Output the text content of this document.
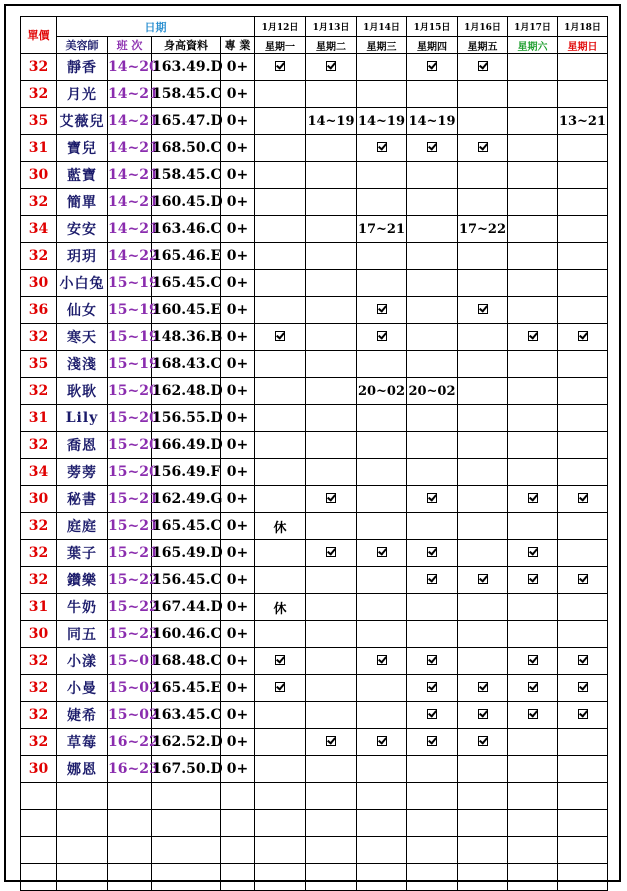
單價	日期				1月12日	1月13日	1月14日	1月15日	1月16日	1月17日	1月18日
	美容師	班 次	身高資料	專 業	星期一	星期二	星期三	星期四	星期五	星期六	星期日
32	靜香	14~20	163.49.D	0+							
32	月光	14~21	158.45.C	0+							
35	艾薇兒	14~21	165.47.D	0+		14~19	14~19	14~19			13~21
31	寶兒	14~21	168.50.C	0+							
30	藍寶	14~21	158.45.C	0+							
32	簡單	14~21	160.45.D	0+							
34	安安	14~21	163.46.C	0+			17~21		17~22		
32	玥玥	14~22	165.46.E	0+							
30	小白兔	15~19	165.45.C	0+							
36	仙女	15~19	160.45.E	0+							
32	寒天	15~19	148.36.B	0+							
35	淺淺	15~19	168.43.C	0+							
32	耿耿	15~20	162.48.D	0+			20~02	20~02			
31	Lily	15~20	156.55.D	0+							
32	喬恩	15~20	166.49.D	0+							
34	蒡蒡	15~20	156.49.F	0+							
30	秘書	15~21	162.49.G	0+							
32	庭庭	15~21	165.45.C	0+	休						
32	葉子	15~21	165.49.D	0+							
32	鑽樂	15~22	156.45.C	0+							
31	牛奶	15~22	167.44.D	0+	休						
30	同五	15~23	160.46.C	0+							
32	小漾	15~01	168.48.C	0+							
32	小曼	15~02	165.45.E	0+							
32	婕希	15~02	163.45.C	0+							
32	草莓	16~22	162.52.D	0+							
30	娜恩	16~23	167.50.D	0+							
